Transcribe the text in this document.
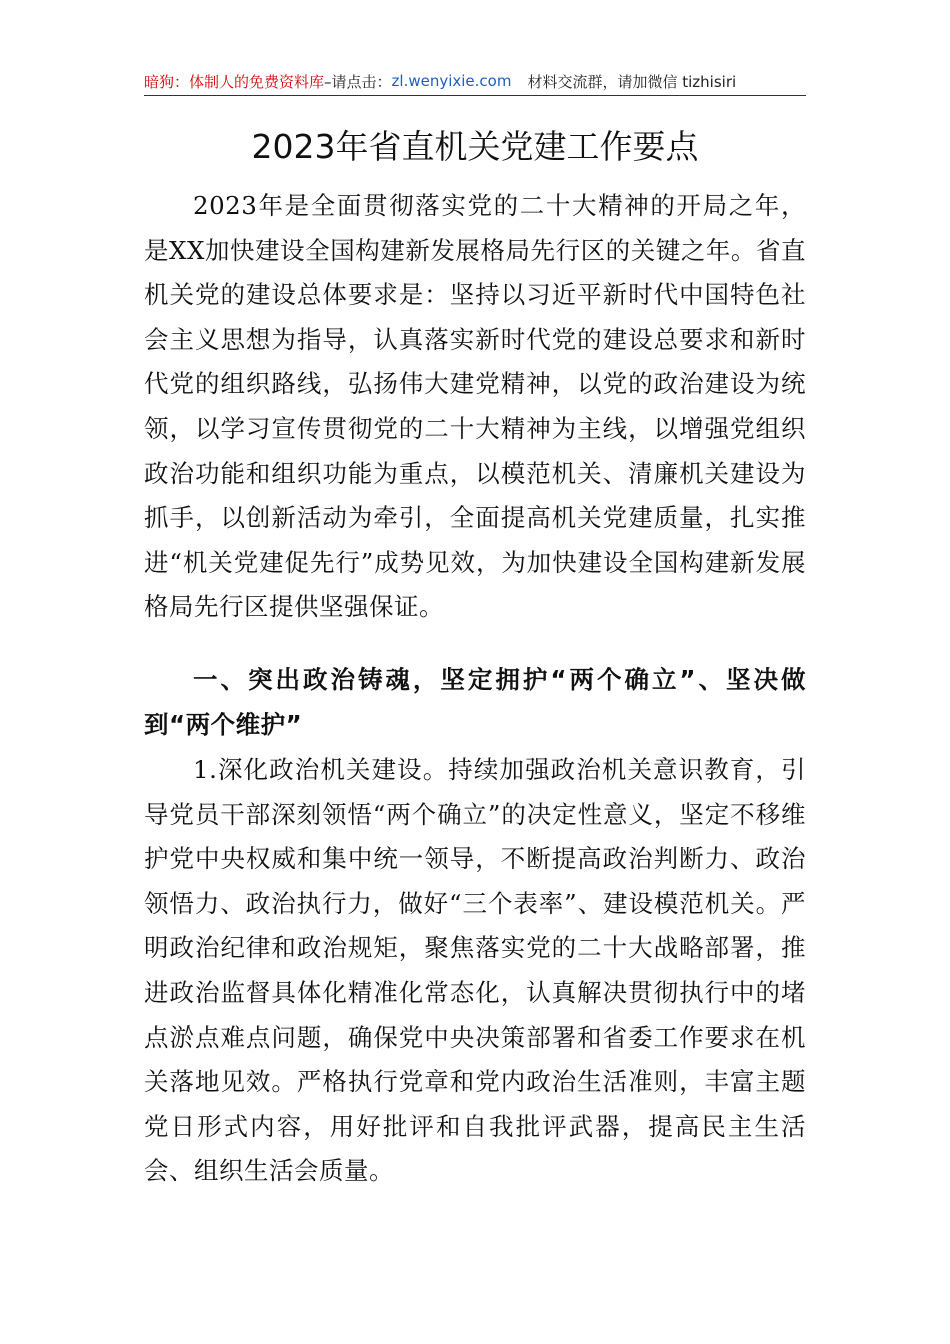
暗狗：体制人的免费资料库 –请点击： zl.wenyixie.com 材料交流群，请加微信 tizhisiri
2023年省直机关党建工作要点

2023年是全面贯彻落实党的二十大精神的开局之年，是XX加快建设全国构建新发展格局先行区的关键之年。省直机关党的建设总体要求是：坚持以习近平新时代中国特色社会主义思想为指导，认真落实新时代党的建设总要求和新时代党的组织路线，弘扬伟大建党精神，以党的政治建设为统领，以学习宣传贯彻党的二十大精神为主线，以增强党组织政治功能和组织功能为重点，以模范机关、清廉机关建设为抓手，以创新活动为牵引，全面提高机关党建质量，扎实推进“机关党建促先行”成势见效，为加快建设全国构建新发展格局先行区提供坚强保证。

一、突出政治铸魂，坚定拥护“两个确立”、坚决做到“两个维护”

1.深化政治机关建设。持续加强政治机关意识教育，引导党员干部深刻领悟“两个确立”的决定性意义，坚定不移维护党中央权威和集中统一领导，不断提高政治判断力、政治领悟力、政治执行力，做好“三个表率”、建设模范机关。严明政治纪律和政治规矩，聚焦落实党的二十大战略部署，推进政治监督具体化精准化常态化，认真解决贯彻执行中的堵点淤点难点问题，确保党中央决策部署和省委工作要求在机关落地见效。严格执行党章和党内政治生活准则，丰富主题党日形式内容，用好批评和自我批评武器，提高民主生活会、组织生活会质量。
